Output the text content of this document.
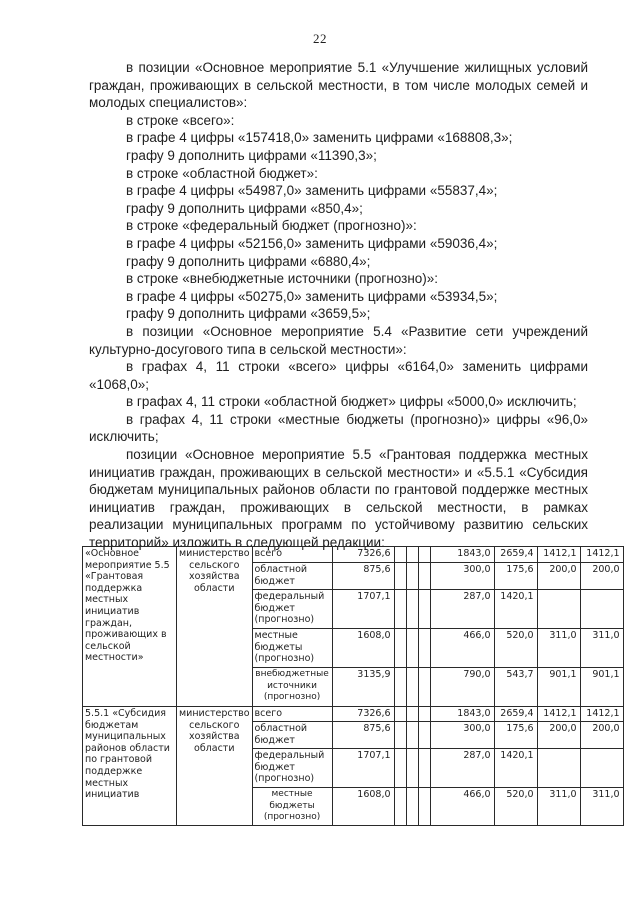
22

в позиции «Основное мероприятие 5.1 «Улучшение жилищных условий граждан, проживающих в сельской местности, в том числе молодых семей и молодых специалистов»:

в строке «всего»:

в графе 4 цифры «157418,0» заменить цифрами «168808,3»;

графу 9 дополнить цифрами «11390,3»;

в строке «областной бюджет»:

в графе 4 цифры «54987,0» заменить цифрами «55837,4»;

графу 9 дополнить цифрами «850,4»;

в строке «федеральный бюджет (прогнозно)»:

в графе 4 цифры «52156,0» заменить цифрами «59036,4»;

графу 9 дополнить цифрами «6880,4»;

в строке «внебюджетные источники (прогнозно)»:

в графе 4 цифры «50275,0» заменить цифрами «53934,5»;

графу 9 дополнить цифрами «3659,5»;

в позиции «Основное мероприятие 5.4 «Развитие сети учреждений культурно-досугового типа в сельской местности»:

в графах 4, 11 строки «всего» цифры «6164,0» заменить цифрами «1068,0»;

в графах 4, 11 строки «областной бюджет» цифры «5000,0» исключить;

в графах 4, 11 строки «местные бюджеты (прогнозно)» цифры «96,0» исключить;

позиции «Основное мероприятие 5.5 «Грантовая поддержка местных инициатив граждан, проживающих в сельской местности» и «5.5.1 «Субсидия бюджетам муниципальных районов области по грантовой поддержке местных инициатив граждан, проживающих в сельской местности, в рамках реализации муниципальных программ по устойчивому развитию сельских территорий» изложить в следующей редакции:

«Основное мероприятие 5.5 «Грантовая поддержка местных инициатив граждан, проживающих в сельской местности»	министерство сельского хозяйства области	всего	7326,6				1843,0	2659,4	1412,1	1412,1
		областной бюджет	875,6				300,0	175,6	200,0	200,0
		федеральный бюджет (прогнозно)	1707,1				287,0	1420,1		
		местные бюджеты (прогнозно)	1608,0				466,0	520,0	311,0	311,0
		внебюджетные источники (прогнозно)	3135,9				790,0	543,7	901,1	901,1
5.5.1 «Субсидия бюджетам муниципальных районов области по грантовой поддержке местных инициатив	министерство сельского хозяйства области	всего	7326,6				1843,0	2659,4	1412,1	1412,1
		областной бюджет	875,6				300,0	175,6	200,0	200,0
		федеральный бюджет (прогнозно)	1707,1				287,0	1420,1		
		местные бюджеты (прогнозно)	1608,0				466,0	520,0	311,0	311,0
